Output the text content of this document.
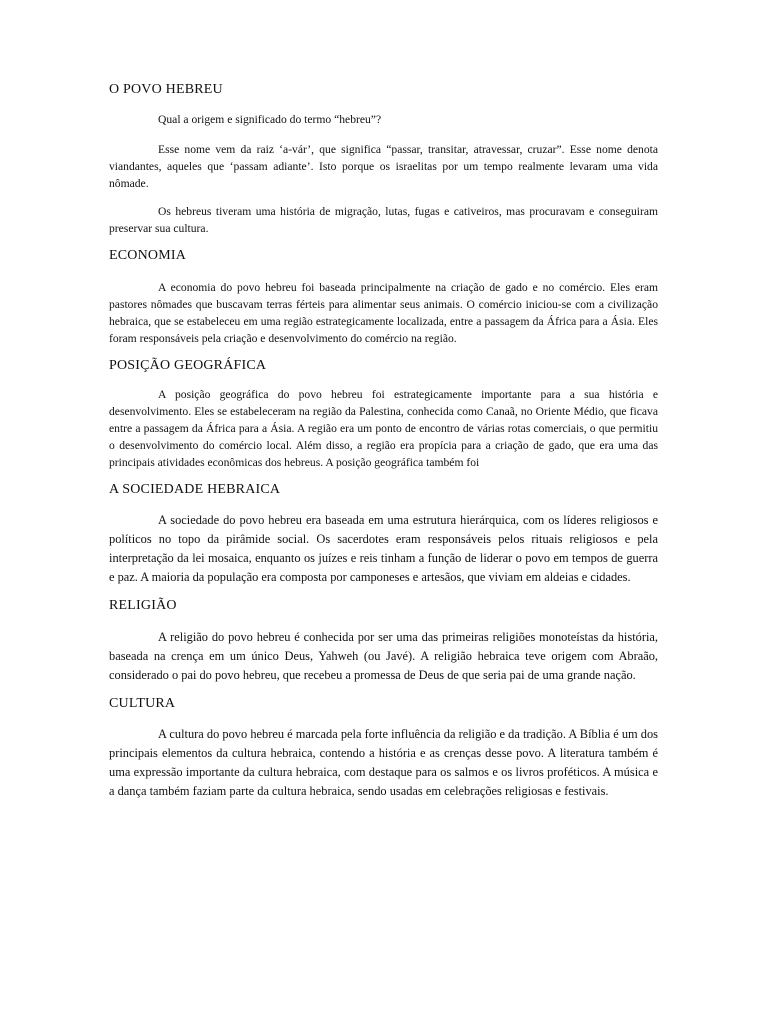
O POVO HEBREU

Qual a origem e significado do termo “hebreu”?

Esse nome vem da raiz ‘a-vár’, que significa “passar, transitar, atravessar, cruzar”. Esse nome denota viandantes, aqueles que ‘passam adiante’. Isto porque os israelitas por um tempo realmente levaram uma vida nômade.

Os hebreus tiveram uma história de migração, lutas, fugas e cativeiros, mas procuravam e conseguiram preservar sua cultura.

ECONOMIA

A economia do povo hebreu foi baseada principalmente na criação de gado e no comércio. Eles eram pastores nômades que buscavam terras férteis para alimentar seus animais. O comércio iniciou-se com a civilização hebraica, que se estabeleceu em uma região estrategicamente localizada, entre a passagem da África para a Ásia. Eles foram responsáveis pela criação e desenvolvimento do comércio na região.

POSIÇÃO GEOGRÁFICA

A posição geográfica do povo hebreu foi estrategicamente importante para a sua história e desenvolvimento. Eles se estabeleceram na região da Palestina, conhecida como Canaã, no Oriente Médio, que ficava entre a passagem da África para a Ásia. A região era um ponto de encontro de várias rotas comerciais, o que permitiu o desenvolvimento do comércio local. Além disso, a região era propícia para a criação de gado, que era uma das principais atividades econômicas dos hebreus. A posição geográfica também foi

A SOCIEDADE HEBRAICA

A sociedade do povo hebreu era baseada em uma estrutura hierárquica, com os líderes religiosos e políticos no topo da pirâmide social. Os sacerdotes eram responsáveis pelos rituais religiosos e pela interpretação da lei mosaica, enquanto os juízes e reis tinham a função de liderar o povo em tempos de guerra e paz. A maioria da população era composta por camponeses e artesãos, que viviam em aldeias e cidades.

RELIGIÃO

A religião do povo hebreu é conhecida por ser uma das primeiras religiões monoteístas da história, baseada na crença em um único Deus, Yahweh (ou Javé). A religião hebraica teve origem com Abraão, considerado o pai do povo hebreu, que recebeu a promessa de Deus de que seria pai de uma grande nação.

CULTURA

A cultura do povo hebreu é marcada pela forte influência da religião e da tradição. A Bíblia é um dos principais elementos da cultura hebraica, contendo a história e as crenças desse povo. A literatura também é uma expressão importante da cultura hebraica, com destaque para os salmos e os livros proféticos. A música e a dança também faziam parte da cultura hebraica, sendo usadas em celebrações religiosas e festivais.
